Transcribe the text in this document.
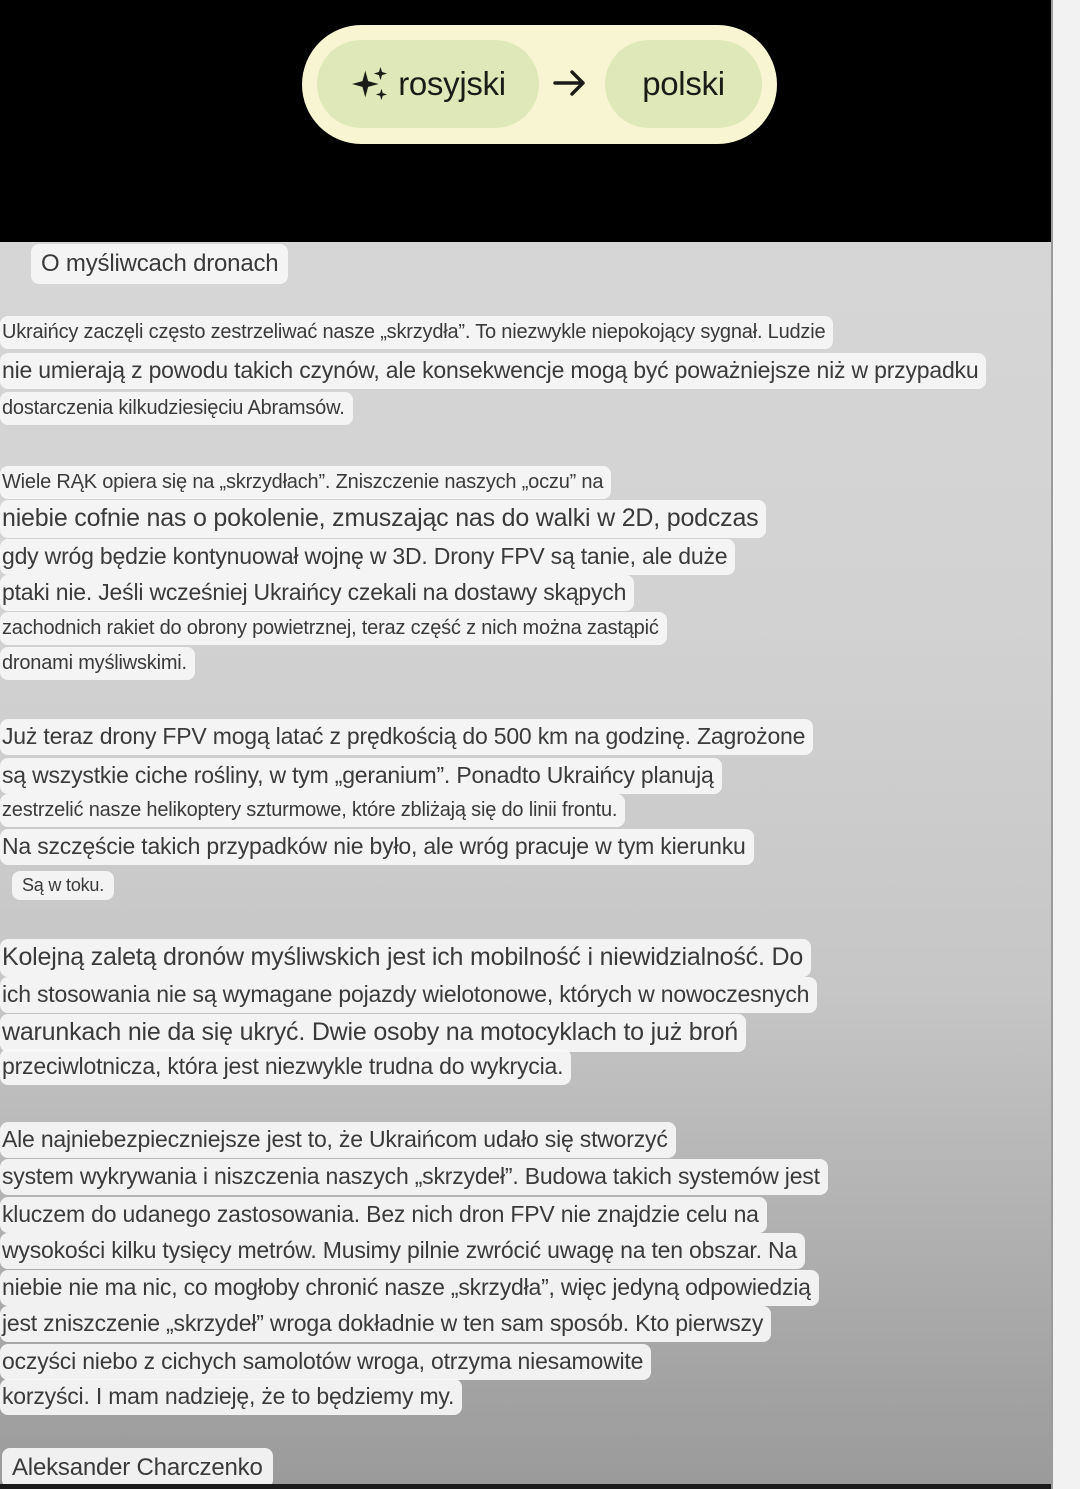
rosyjski	polski
O myśliwcach dronach
Ukraińcy zaczęli często zestrzeliwać nasze „skrzydła”. To niezwykle niepokojący sygnał. Ludzie
nie umierają z powodu takich czynów, ale konsekwencje mogą być poważniejsze niż w przypadku
dostarczenia kilkudziesięciu Abramsów.
Wiele RĄK opiera się na „skrzydłach”. Zniszczenie naszych „oczu” na
niebie cofnie nas o pokolenie, zmuszając nas do walki w 2D, podczas
gdy wróg będzie kontynuował wojnę w 3D. Drony FPV są tanie, ale duże
ptaki nie. Jeśli wcześniej Ukraińcy czekali na dostawy skąpych
zachodnich rakiet do obrony powietrznej, teraz część z nich można zastąpić
dronami myśliwskimi.
Już teraz drony FPV mogą latać z prędkością do 500 km na godzinę. Zagrożone
są wszystkie ciche rośliny, w tym „geranium”. Ponadto Ukraińcy planują
zestrzelić nasze helikoptery szturmowe, które zbliżają się do linii frontu.
Na szczęście takich przypadków nie było, ale wróg pracuje w tym kierunku
Są w toku.
Kolejną zaletą dronów myśliwskich jest ich mobilność i niewidzialność. Do
ich stosowania nie są wymagane pojazdy wielotonowe, których w nowoczesnych
warunkach nie da się ukryć. Dwie osoby na motocyklach to już broń
przeciwlotnicza, która jest niezwykle trudna do wykrycia.
Ale najniebezpieczniejsze jest to, że Ukraińcom udało się stworzyć
system wykrywania i niszczenia naszych „skrzydeł”. Budowa takich systemów jest
kluczem do udanego zastosowania. Bez nich dron FPV nie znajdzie celu na
wysokości kilku tysięcy metrów. Musimy pilnie zwrócić uwagę na ten obszar. Na
niebie nie ma nic, co mogłoby chronić nasze „skrzydła”, więc jedyną odpowiedzią
jest zniszczenie „skrzydeł” wroga dokładnie w ten sam sposób. Kto pierwszy
oczyści niebo z cichych samolotów wroga, otrzyma niesamowite
korzyści. I mam nadzieję, że to będziemy my.
Aleksander Charczenko
